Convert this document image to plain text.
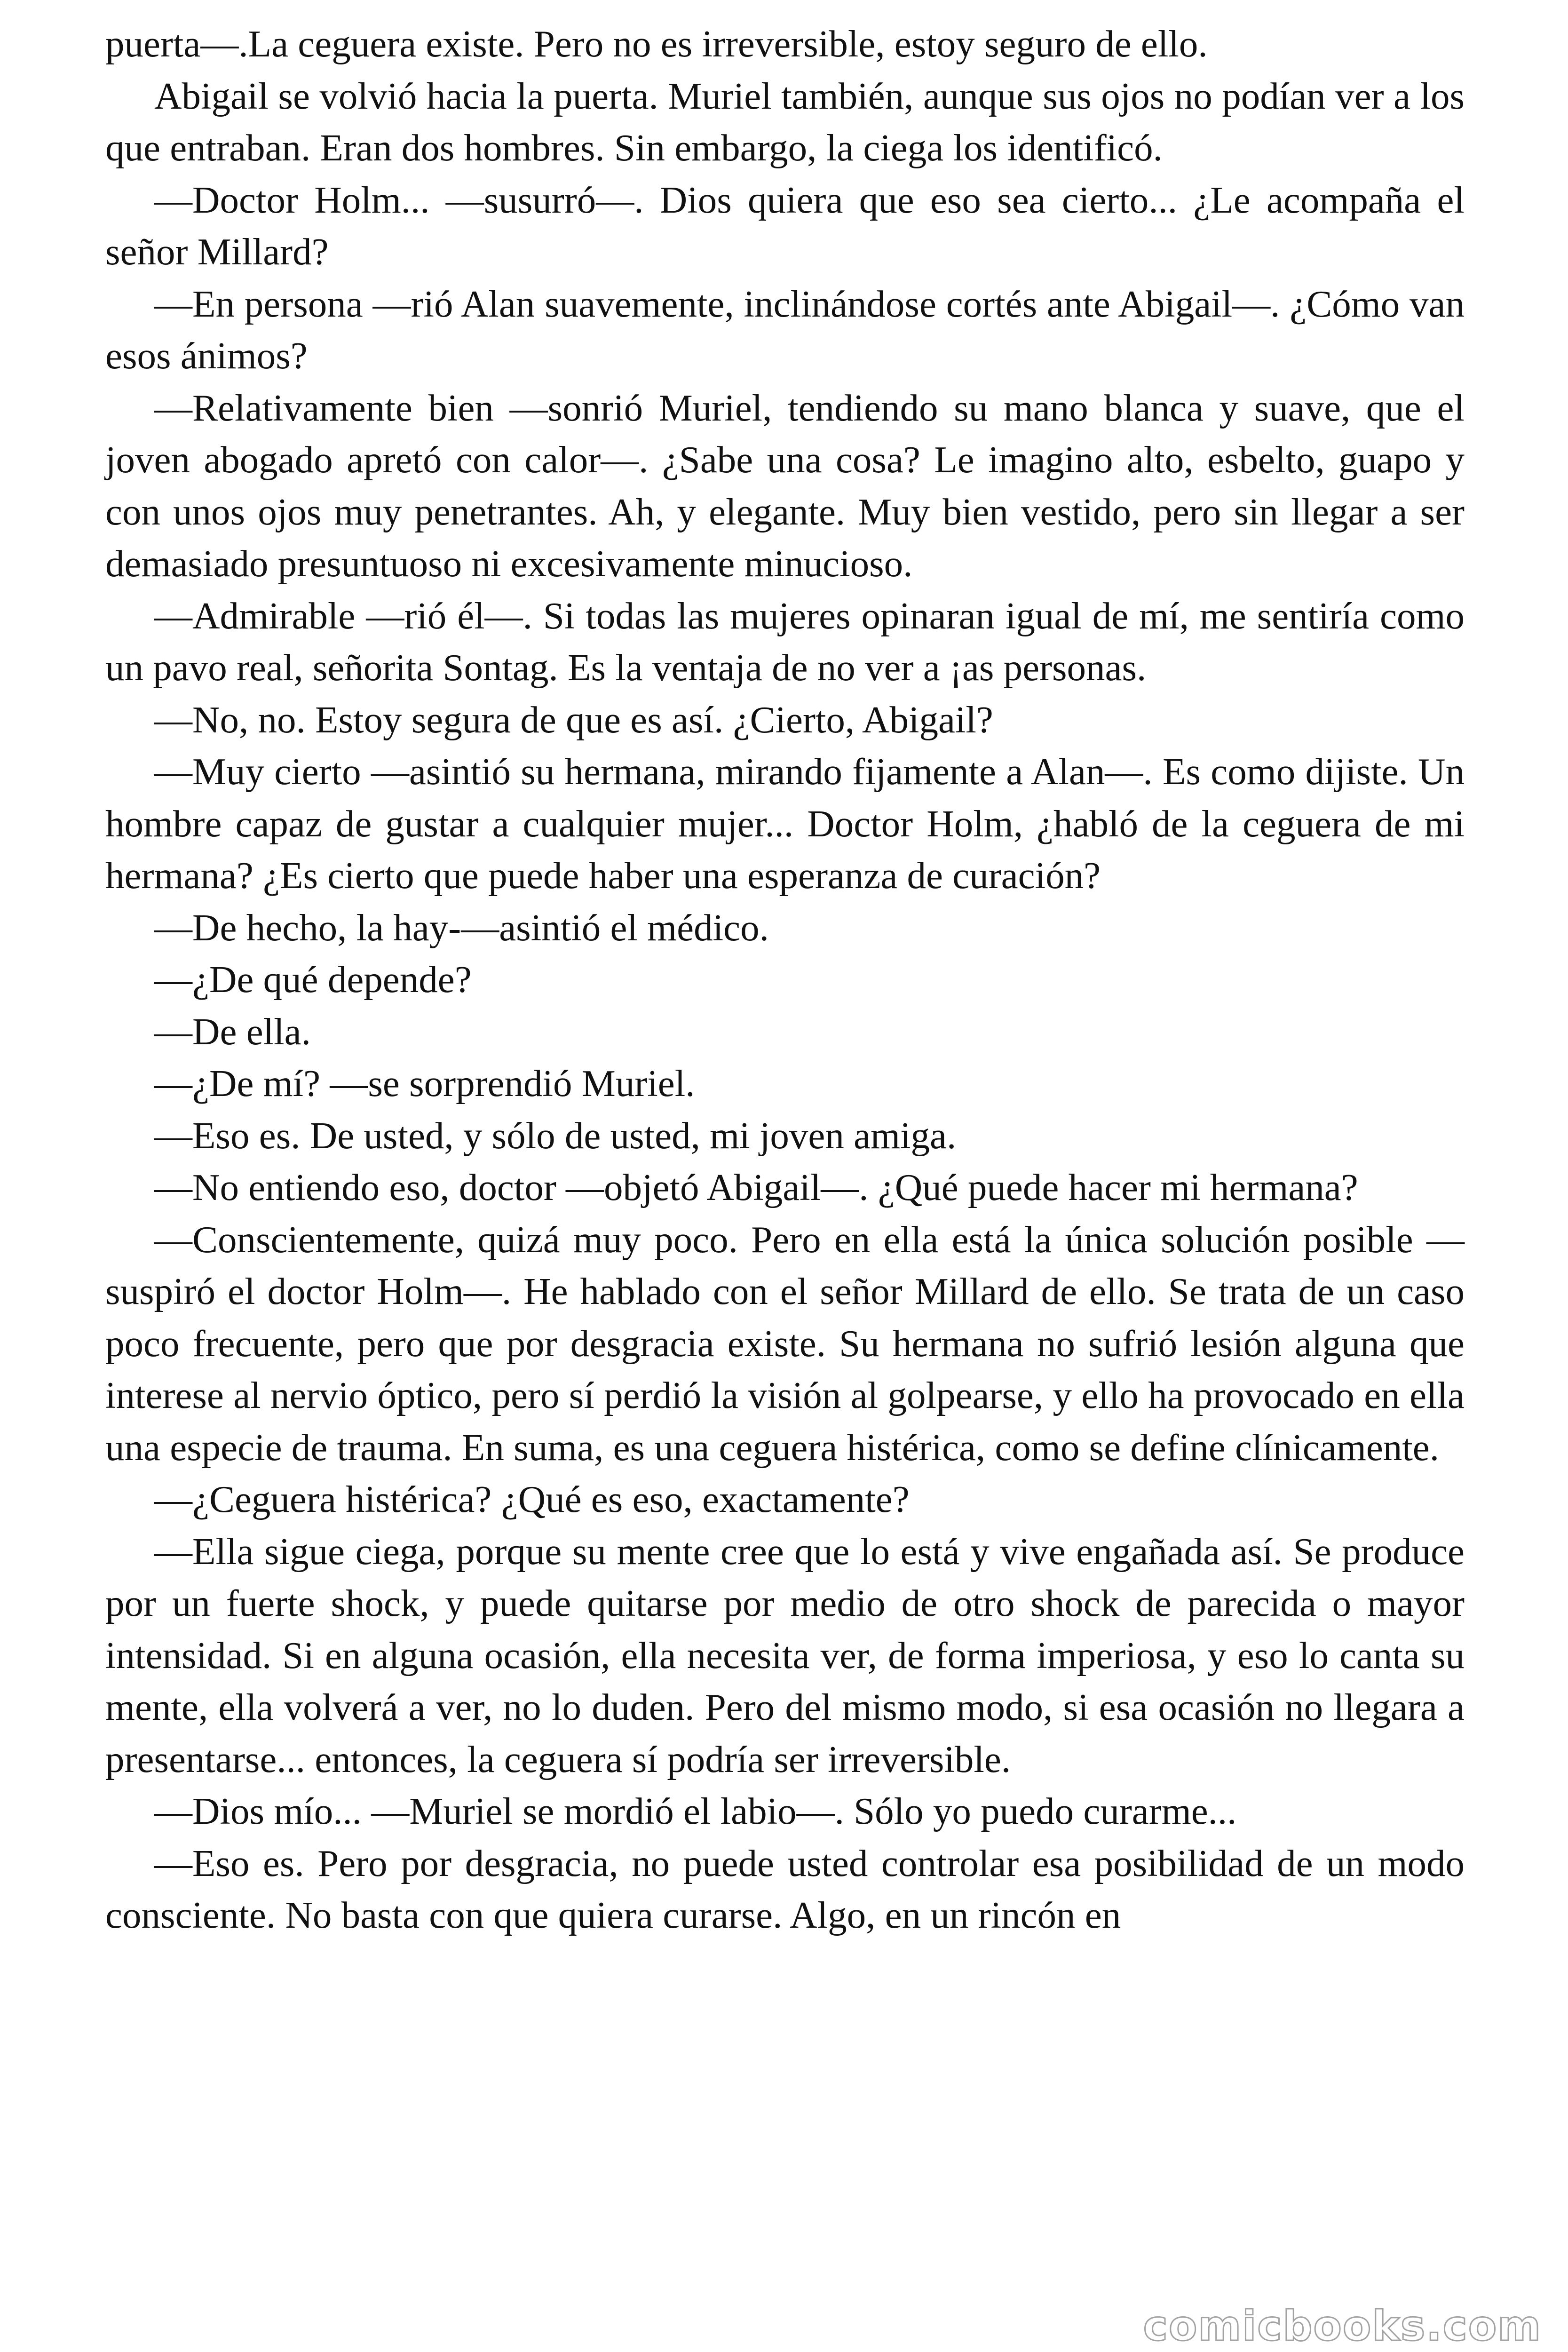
puerta—.La ceguera existe. Pero no es irreversible, estoy seguro de ello.

Abigail se volvió hacia la puerta. Muriel también, aunque sus ojos no podían ver a los que entraban. Eran dos hombres. Sin embargo, la ciega los identificó.

—Doctor Holm... —susurró—. Dios quiera que eso sea cierto... ¿Le acompaña el señor Millard?

—En persona —rió Alan suavemente, inclinándose cortés ante Abigail—. ¿Cómo van esos ánimos?

—Relativamente bien —sonrió Muriel, tendiendo su mano blanca y suave, que el joven abogado apretó con calor—. ¿Sabe una cosa? Le imagino alto, esbelto, guapo y con unos ojos muy penetrantes. Ah, y elegante. Muy bien vestido, pero sin llegar a ser demasiado presuntuoso ni excesivamente minucioso.

—Admirable —rió él—. Si todas las mujeres opinaran igual de mí, me sentiría como un pavo real, señorita Sontag. Es la ventaja de no ver a ¡as personas.

—No, no. Estoy segura de que es así. ¿Cierto, Abigail?

—Muy cierto —asintió su hermana, mirando fijamente a Alan—. Es como dijiste. Un hombre capaz de gustar a cualquier mujer... Doctor Holm, ¿habló de la ceguera de mi hermana? ¿Es cierto que puede haber una esperanza de curación?

—De hecho, la hay-—asintió el médico.

—¿De qué depende?

—De ella.

—¿De mí? —se sorprendió Muriel.

—Eso es. De usted, y sólo de usted, mi joven amiga.

—No entiendo eso, doctor —objetó Abigail—. ¿Qué puede hacer mi hermana?

—Conscientemente, quizá muy poco. Pero en ella está la única solución posible — suspiró el doctor Holm—. He hablado con el señor Millard de ello. Se trata de un caso poco frecuente, pero que por desgracia existe. Su hermana no sufrió lesión alguna que interese al nervio óptico, pero sí perdió la visión al golpearse, y ello ha provocado en ella una especie de trauma. En suma, es una ceguera histérica, como se define clínicamente.

—¿Ceguera histérica? ¿Qué es eso, exactamente?

—Ella sigue ciega, porque su mente cree que lo está y vive engañada así. Se produce por un fuerte shock, y puede quitarse por medio de otro shock de parecida o mayor intensidad. Si en alguna ocasión, ella necesita ver, de forma imperiosa, y eso lo canta su mente, ella volverá a ver, no lo duden. Pero del mismo modo, si esa ocasión no llegara a presentarse... entonces, la ceguera sí podría ser irreversible.

—Dios mío... —Muriel se mordió el labio—. Sólo yo puedo curarme...

—Eso es. Pero por desgracia, no puede usted controlar esa posibilidad de un modo consciente. No basta con que quiera curarse. Algo, en un rincón en

comicbooks.com
